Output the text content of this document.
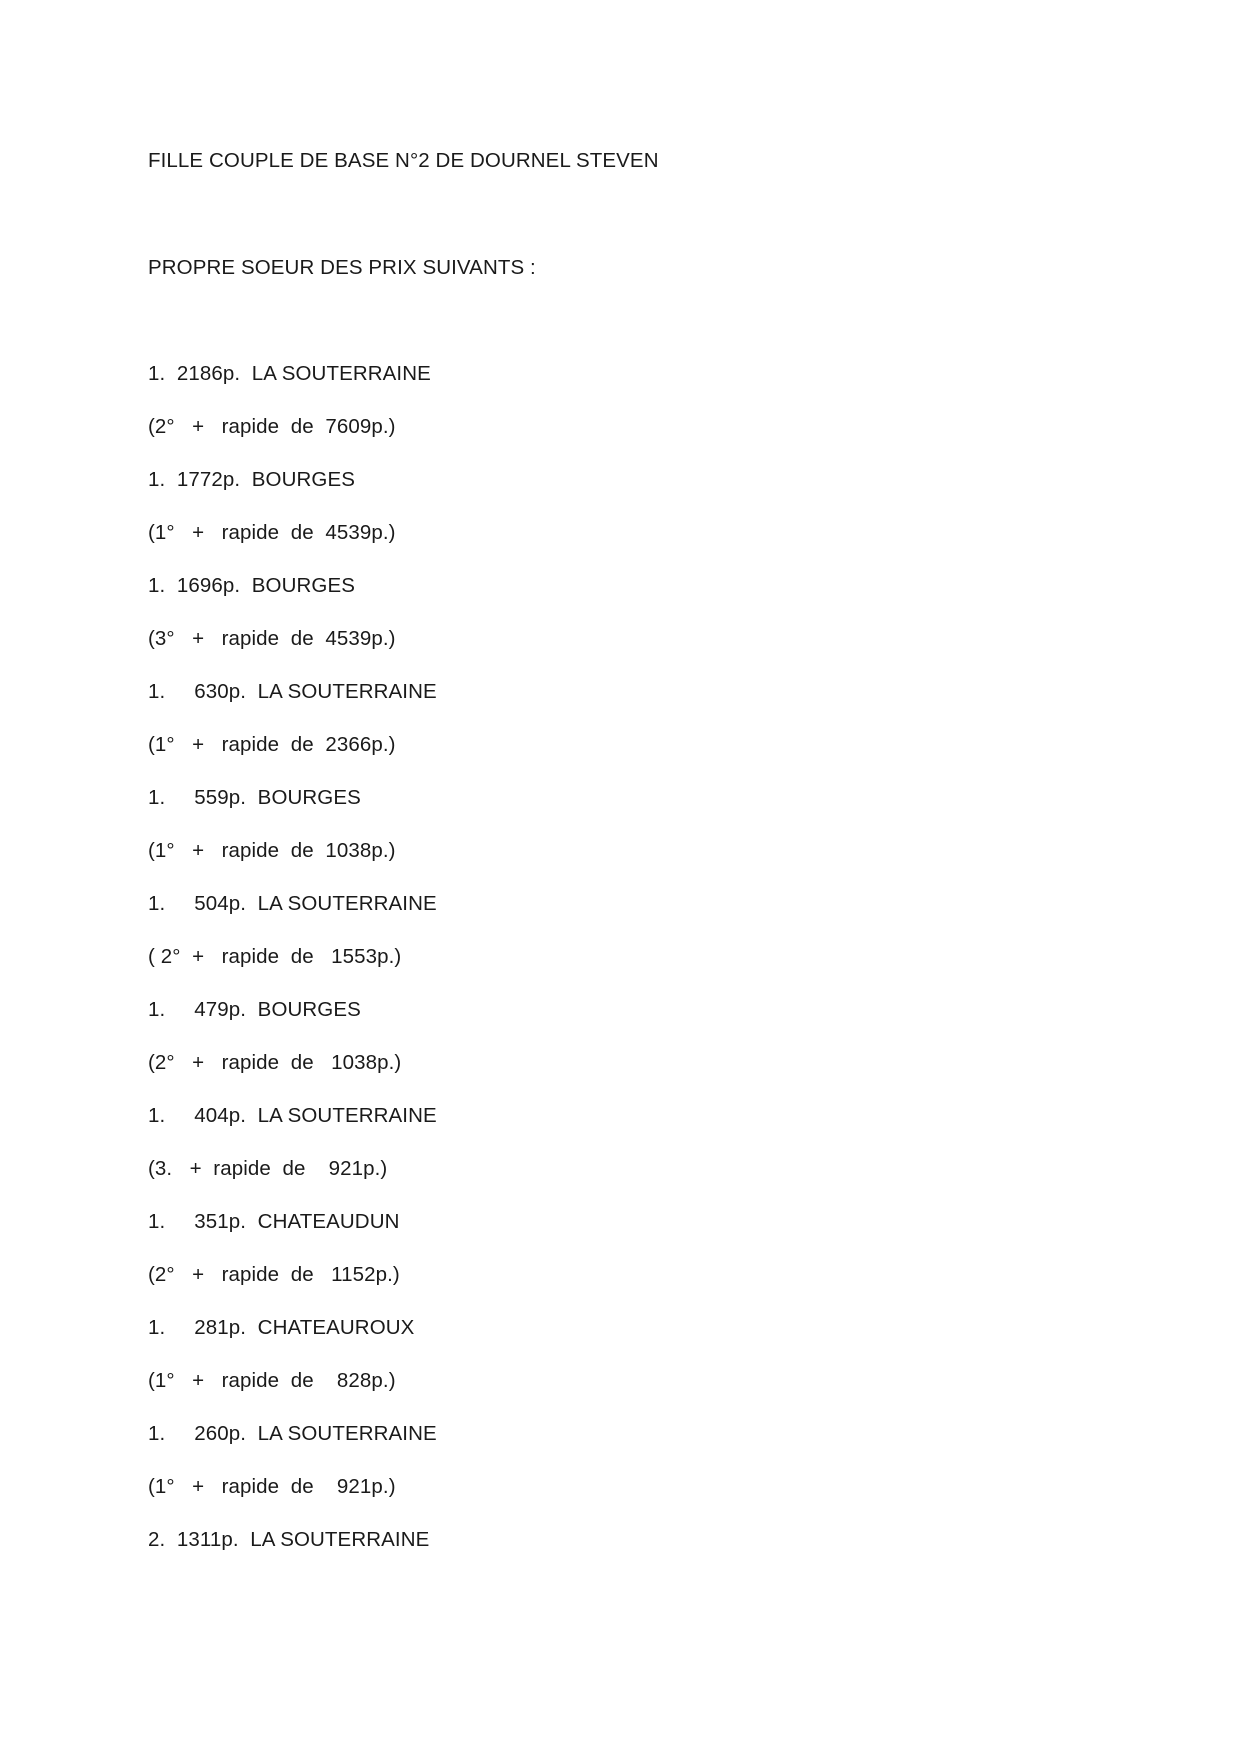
FILLE COUPLE DE BASE N°2 DE DOURNEL STEVEN
PROPRE SOEUR DES PRIX SUIVANTS :
1.  2186p.  LA SOUTERRAINE
(2°   +   rapide  de  7609p.)
1.  1772p.  BOURGES
(1°   +   rapide  de  4539p.)
1.  1696p.  BOURGES
(3°   +   rapide  de  4539p.)
1.     630p.  LA SOUTERRAINE
(1°   +   rapide  de  2366p.)
1.     559p.  BOURGES
(1°   +   rapide  de  1038p.)
1.     504p.  LA SOUTERRAINE
( 2°  +   rapide  de   1553p.)
1.     479p.  BOURGES
(2°   +   rapide  de   1038p.)
1.     404p.  LA SOUTERRAINE
(3.   +  rapide  de    921p.)
1.     351p.  CHATEAUDUN
(2°   +   rapide  de   1152p.)
1.     281p.  CHATEAUROUX
(1°   +   rapide  de    828p.)
1.     260p.  LA SOUTERRAINE
(1°   +   rapide  de    921p.)
2.  1311p.  LA SOUTERRAINE
